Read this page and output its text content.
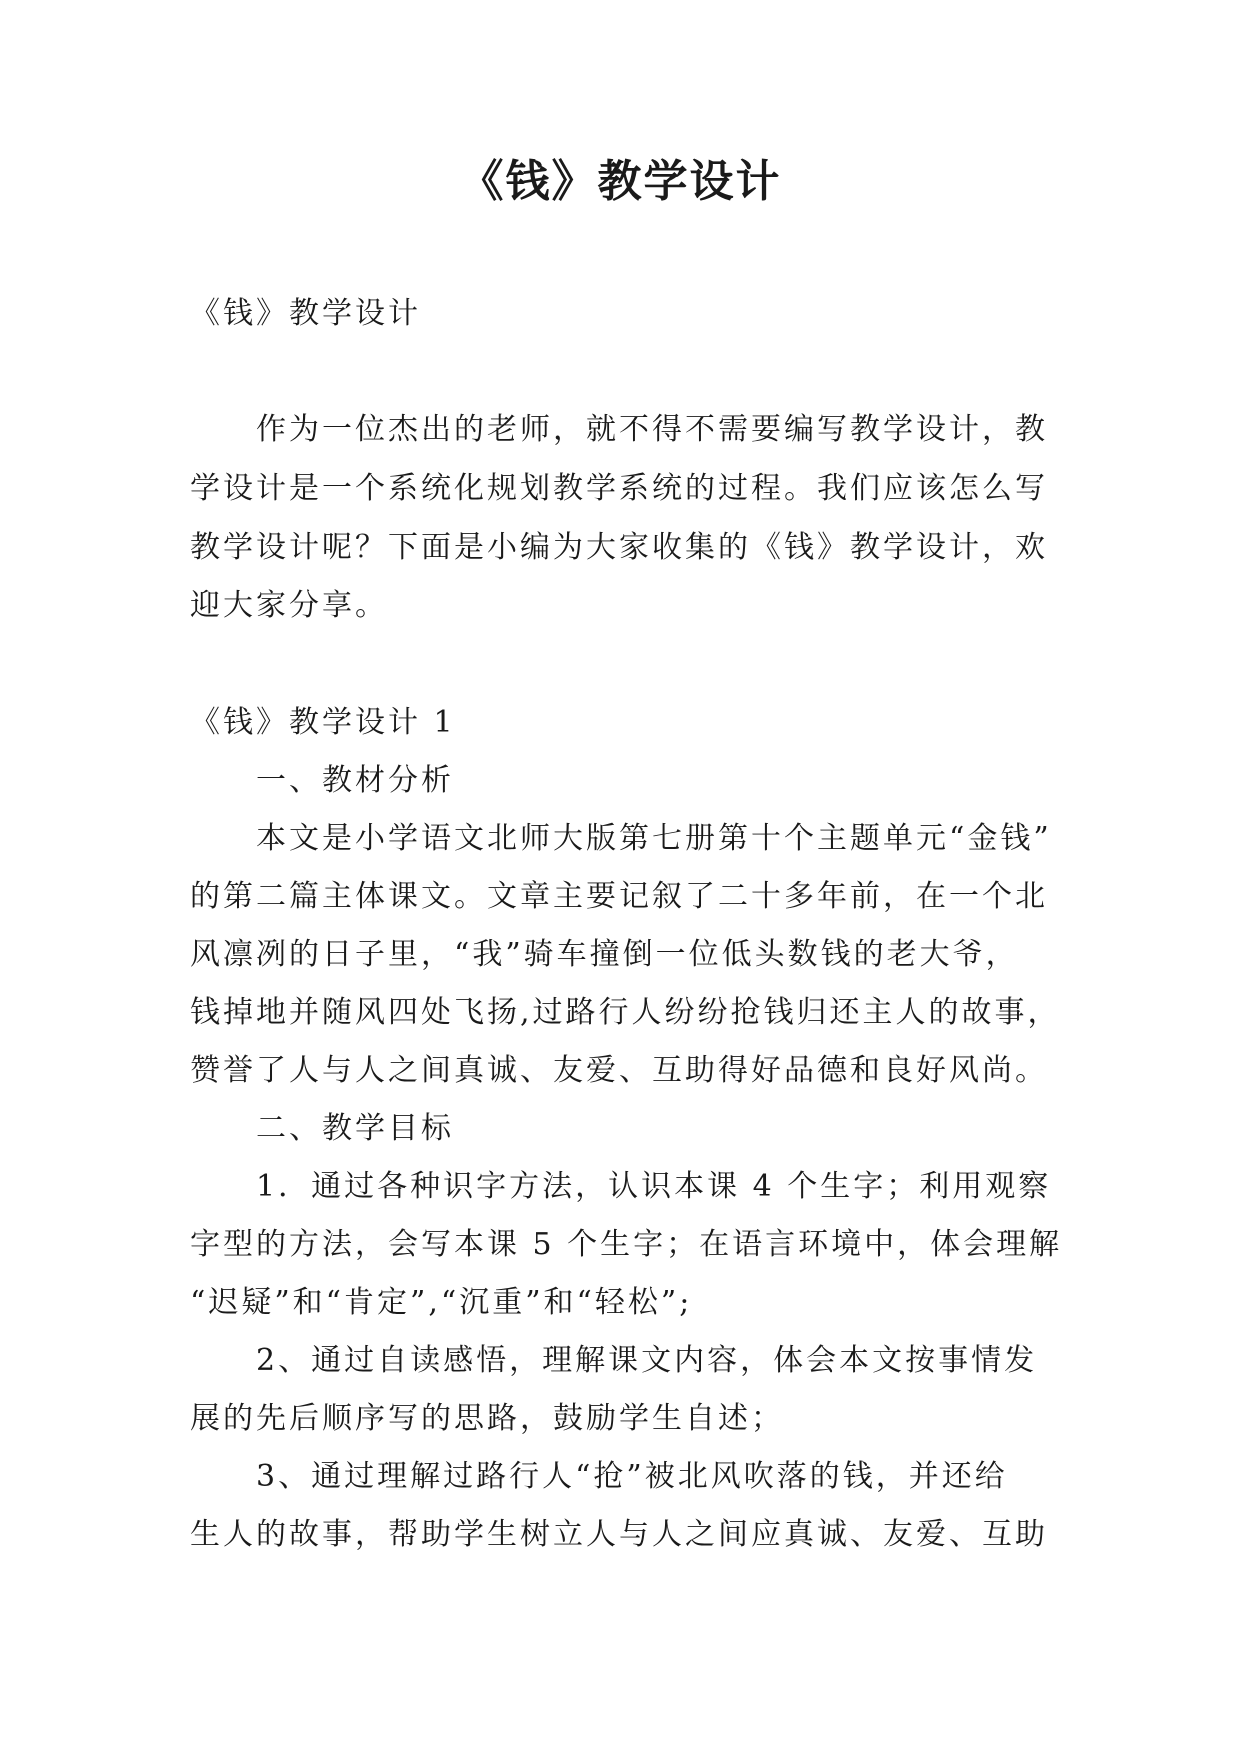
《钱》教学设计
《钱》教学设计
作为一位杰出的老师，就不得不需要编写教学设计，教
学设计是一个系统化规划教学系统的过程。我们应该怎么写
教学设计呢？下面是小编为大家收集的《钱》教学设计，欢
迎大家分享。
《钱》教学设计 1
一、教材分析
本文是小学语文北师大版第七册第十个主题单元“金钱”
的第二篇主体课文。文章主要记叙了二十多年前，在一个北
风凛冽的日子里，“我”骑车撞倒一位低头数钱的老大爷，
钱掉地并随风四处飞扬,过路行人纷纷抢钱归还主人的故事，
赞誉了人与人之间真诚、友爱、互助得好品德和良好风尚。
二、教学目标
1．通过各种识字方法，认识本课 4 个生字；利用观察
字型的方法，会写本课 5 个生字；在语言环境中，体会理解
“迟疑”和“肯定”,“沉重”和“轻松”;
2、通过自读感悟，理解课文内容，体会本文按事情发
展的先后顺序写的思路，鼓励学生自述；
3、通过理解过路行人“抢”被北风吹落的钱，并还给
生人的故事，帮助学生树立人与人之间应真诚、友爱、互助
